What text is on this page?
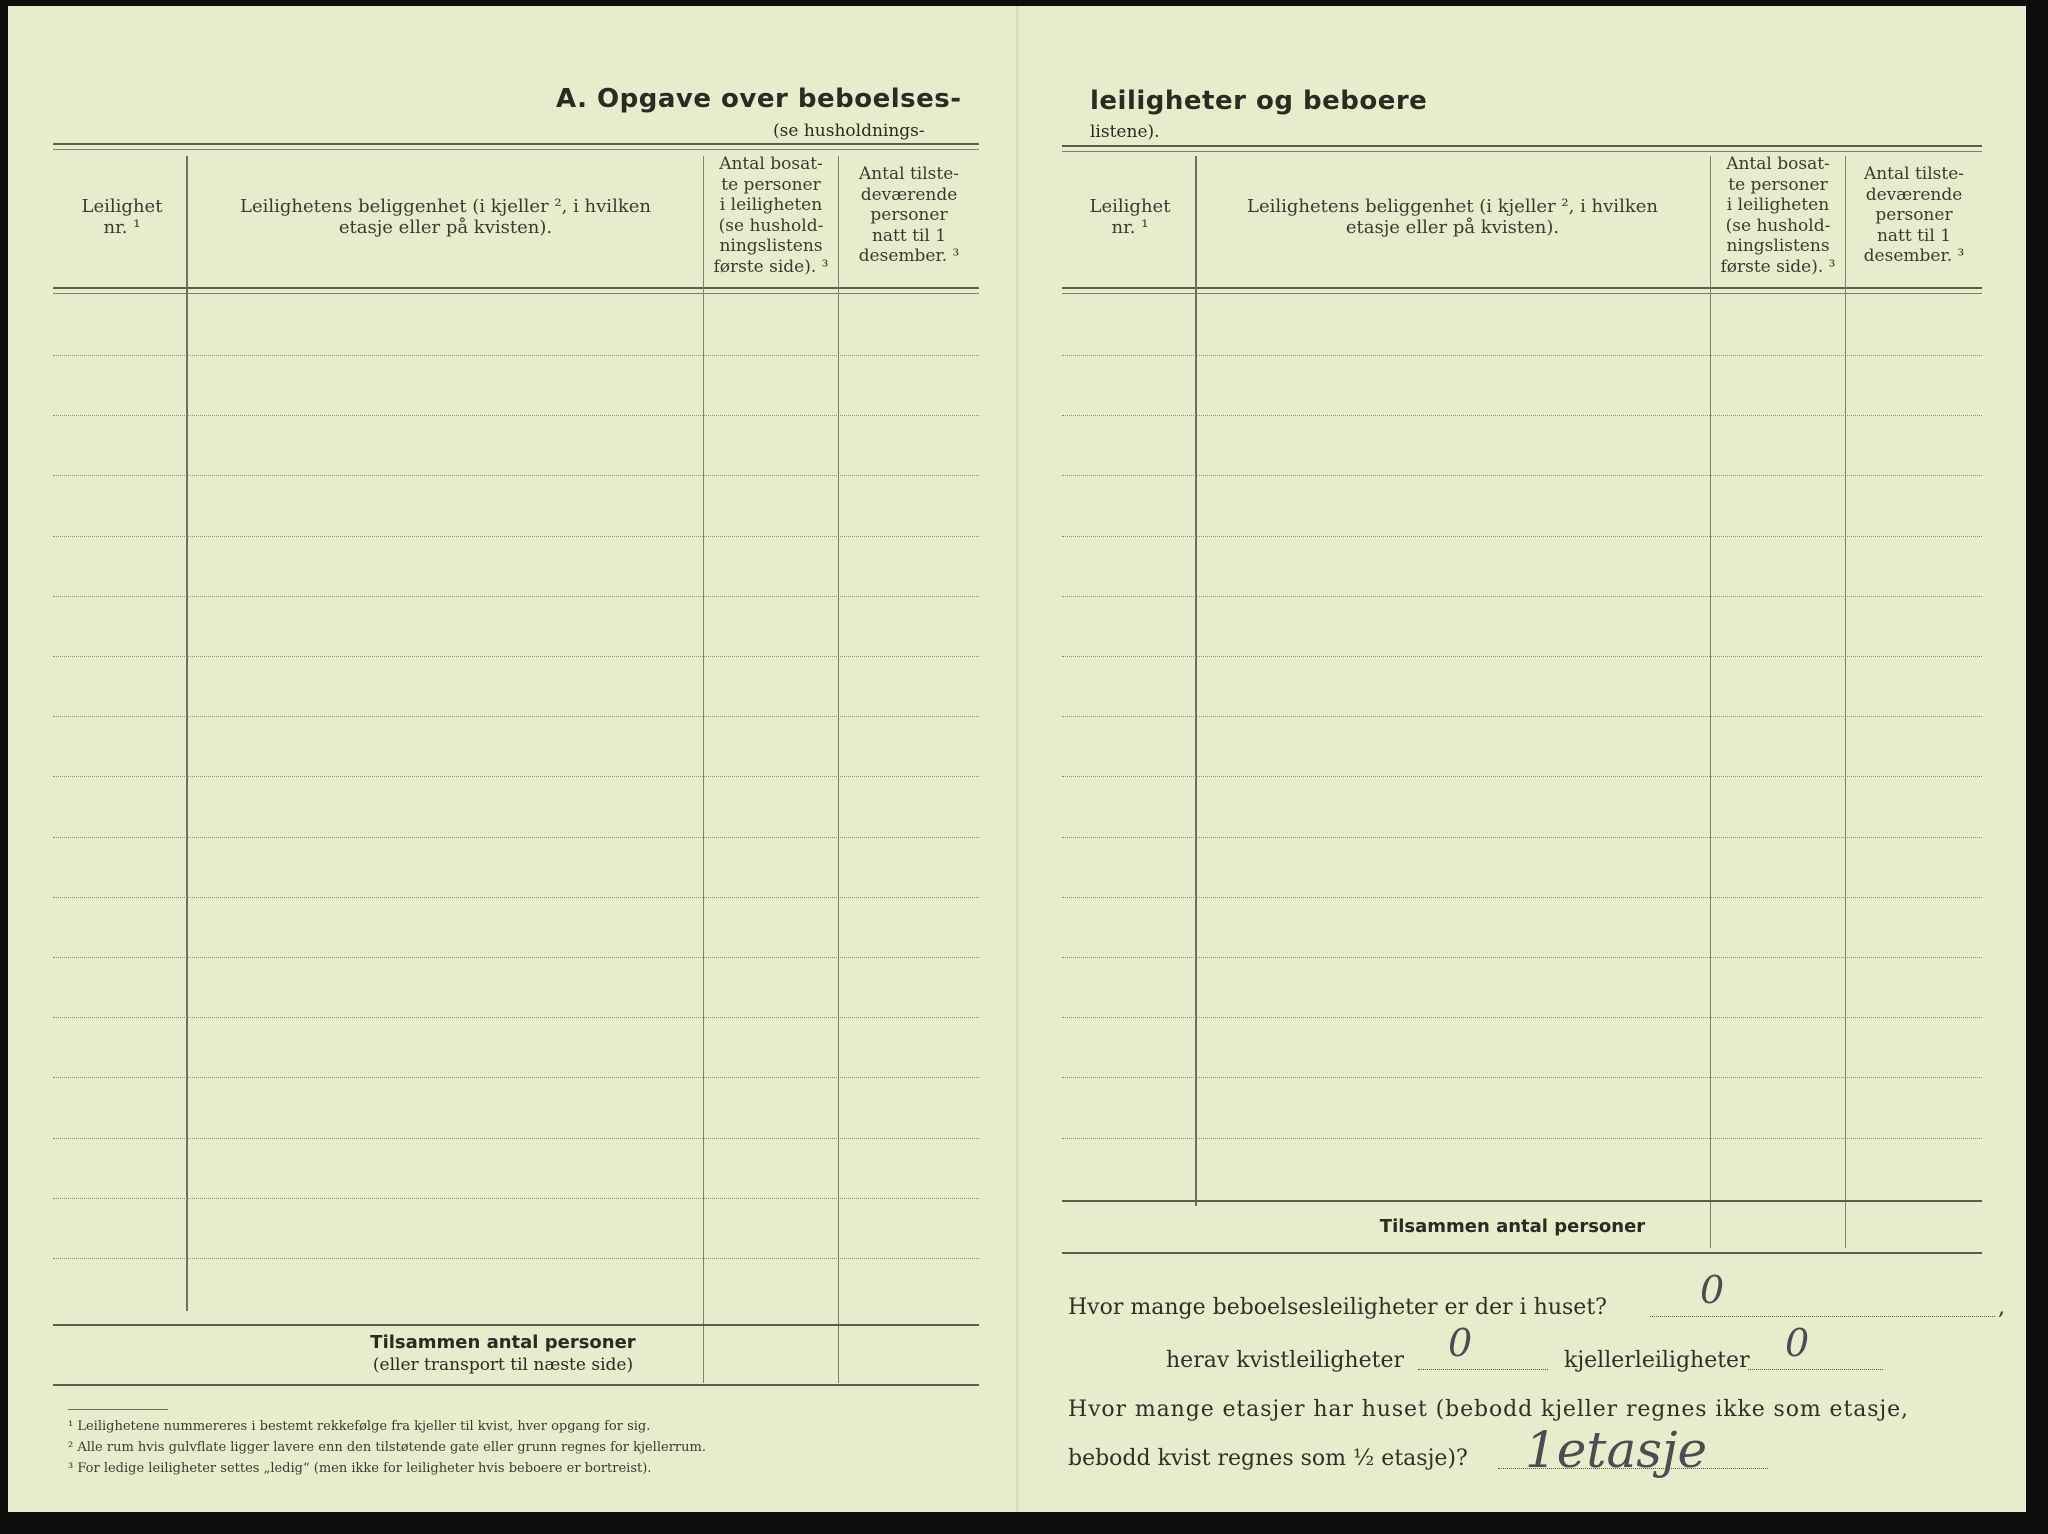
A. Opgave over beboelses-
(se husholdnings-
Leilighet
nr. ¹
Leilighetens beliggenhet (i kjeller ², i hvilken
etasje eller på kvisten).
Antal bosat-
te personer
i leiligheten
(se hushold-
ningslistens
første side). ³
Antal tilste-
deværende
personer
natt til 1
desember. ³
Tilsammen antal personer
(eller transport til næste side)
¹ Leilighetene nummereres i bestemt rekkefølge fra kjeller til kvist, hver opgang for sig.
² Alle rum hvis gulvflate ligger lavere enn den tilstøtende gate eller grunn regnes for kjellerrum.
³ For ledige leiligheter settes „ledig“ (men ikke for leiligheter hvis beboere er bortreist).
leiligheter og beboere
listene).
Leilighet
nr. ¹
Leilighetens beliggenhet (i kjeller ², i hvilken
etasje eller på kvisten).
Antal bosat-
te personer
i leiligheten
(se hushold-
ningslistens
første side). ³
Antal tilste-
deværende
personer
natt til 1
desember. ³
Tilsammen antal personer
Hvor mange beboelsesleiligheter er der i huset? 0	,
herav kvistleiligheter 0	kjellerleiligheter 0
Hvor mange etasjer har huset (bebodd kjeller regnes ikke som etasje,
bebodd kvist regnes som ½ etasje)? 1etasje
